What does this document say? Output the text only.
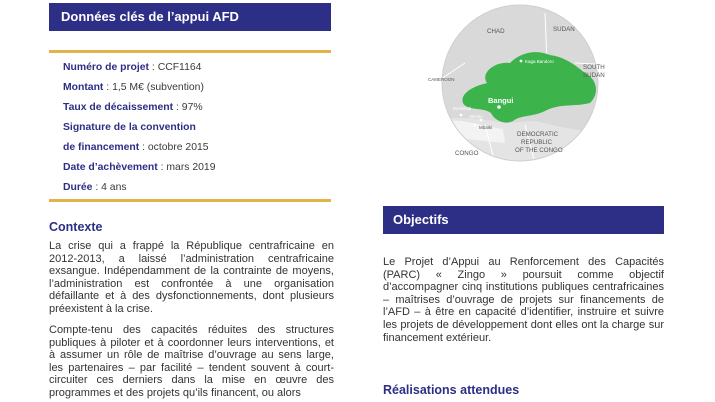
Données clés de l’appui AFD
Numéro de projet : CCF1164
Montant : 1,5 M€ (subvention)
Taux de décaissement : 97%
Signature de la convention
de financement : octobre 2015
Date d’achèvement : mars 2019
Durée : 4 ans
Contexte
La crise qui a frappé la République centrafricaine en 2012-2013, a laissé l’administration centrafricaine exsangue. Indépendamment de la contrainte de moyens, l’administration est confrontée à une organisation défaillante et à des dysfonctionnements, dont plusieurs préexistent à la crise.
Compte-tenu des capacités réduites des structures publiques à piloter et à coordonner leurs interventions, et à assumer un rôle de maîtrise d’ouvrage au sens large, les partenaires – par facilité – tendent souvent à court-circuiter ces derniers dans la mise en œuvre des programmes et des projets qu’ils financent, ou alors
CHAD	SUDAN
SOUTH
SUDAN
CAMEROON
CONGO
DEMOCRATIC
REPUBLIC
OF THE CONGO
Kaga Bandoro
Bangui
Berbérati
Bimbo
Mbaïki
Objectifs
Le Projet d’Appui au Renforcement des Capacités (PARC) « Zingo » poursuit comme objectif d’accompagner cinq institutions publiques centrafricaines – maîtrises d’ouvrage de projets sur financements de l’AFD – à être en capacité d’identifier, instruire et suivre les projets de développement dont elles ont la charge sur financement extérieur.
Réalisations attendues
